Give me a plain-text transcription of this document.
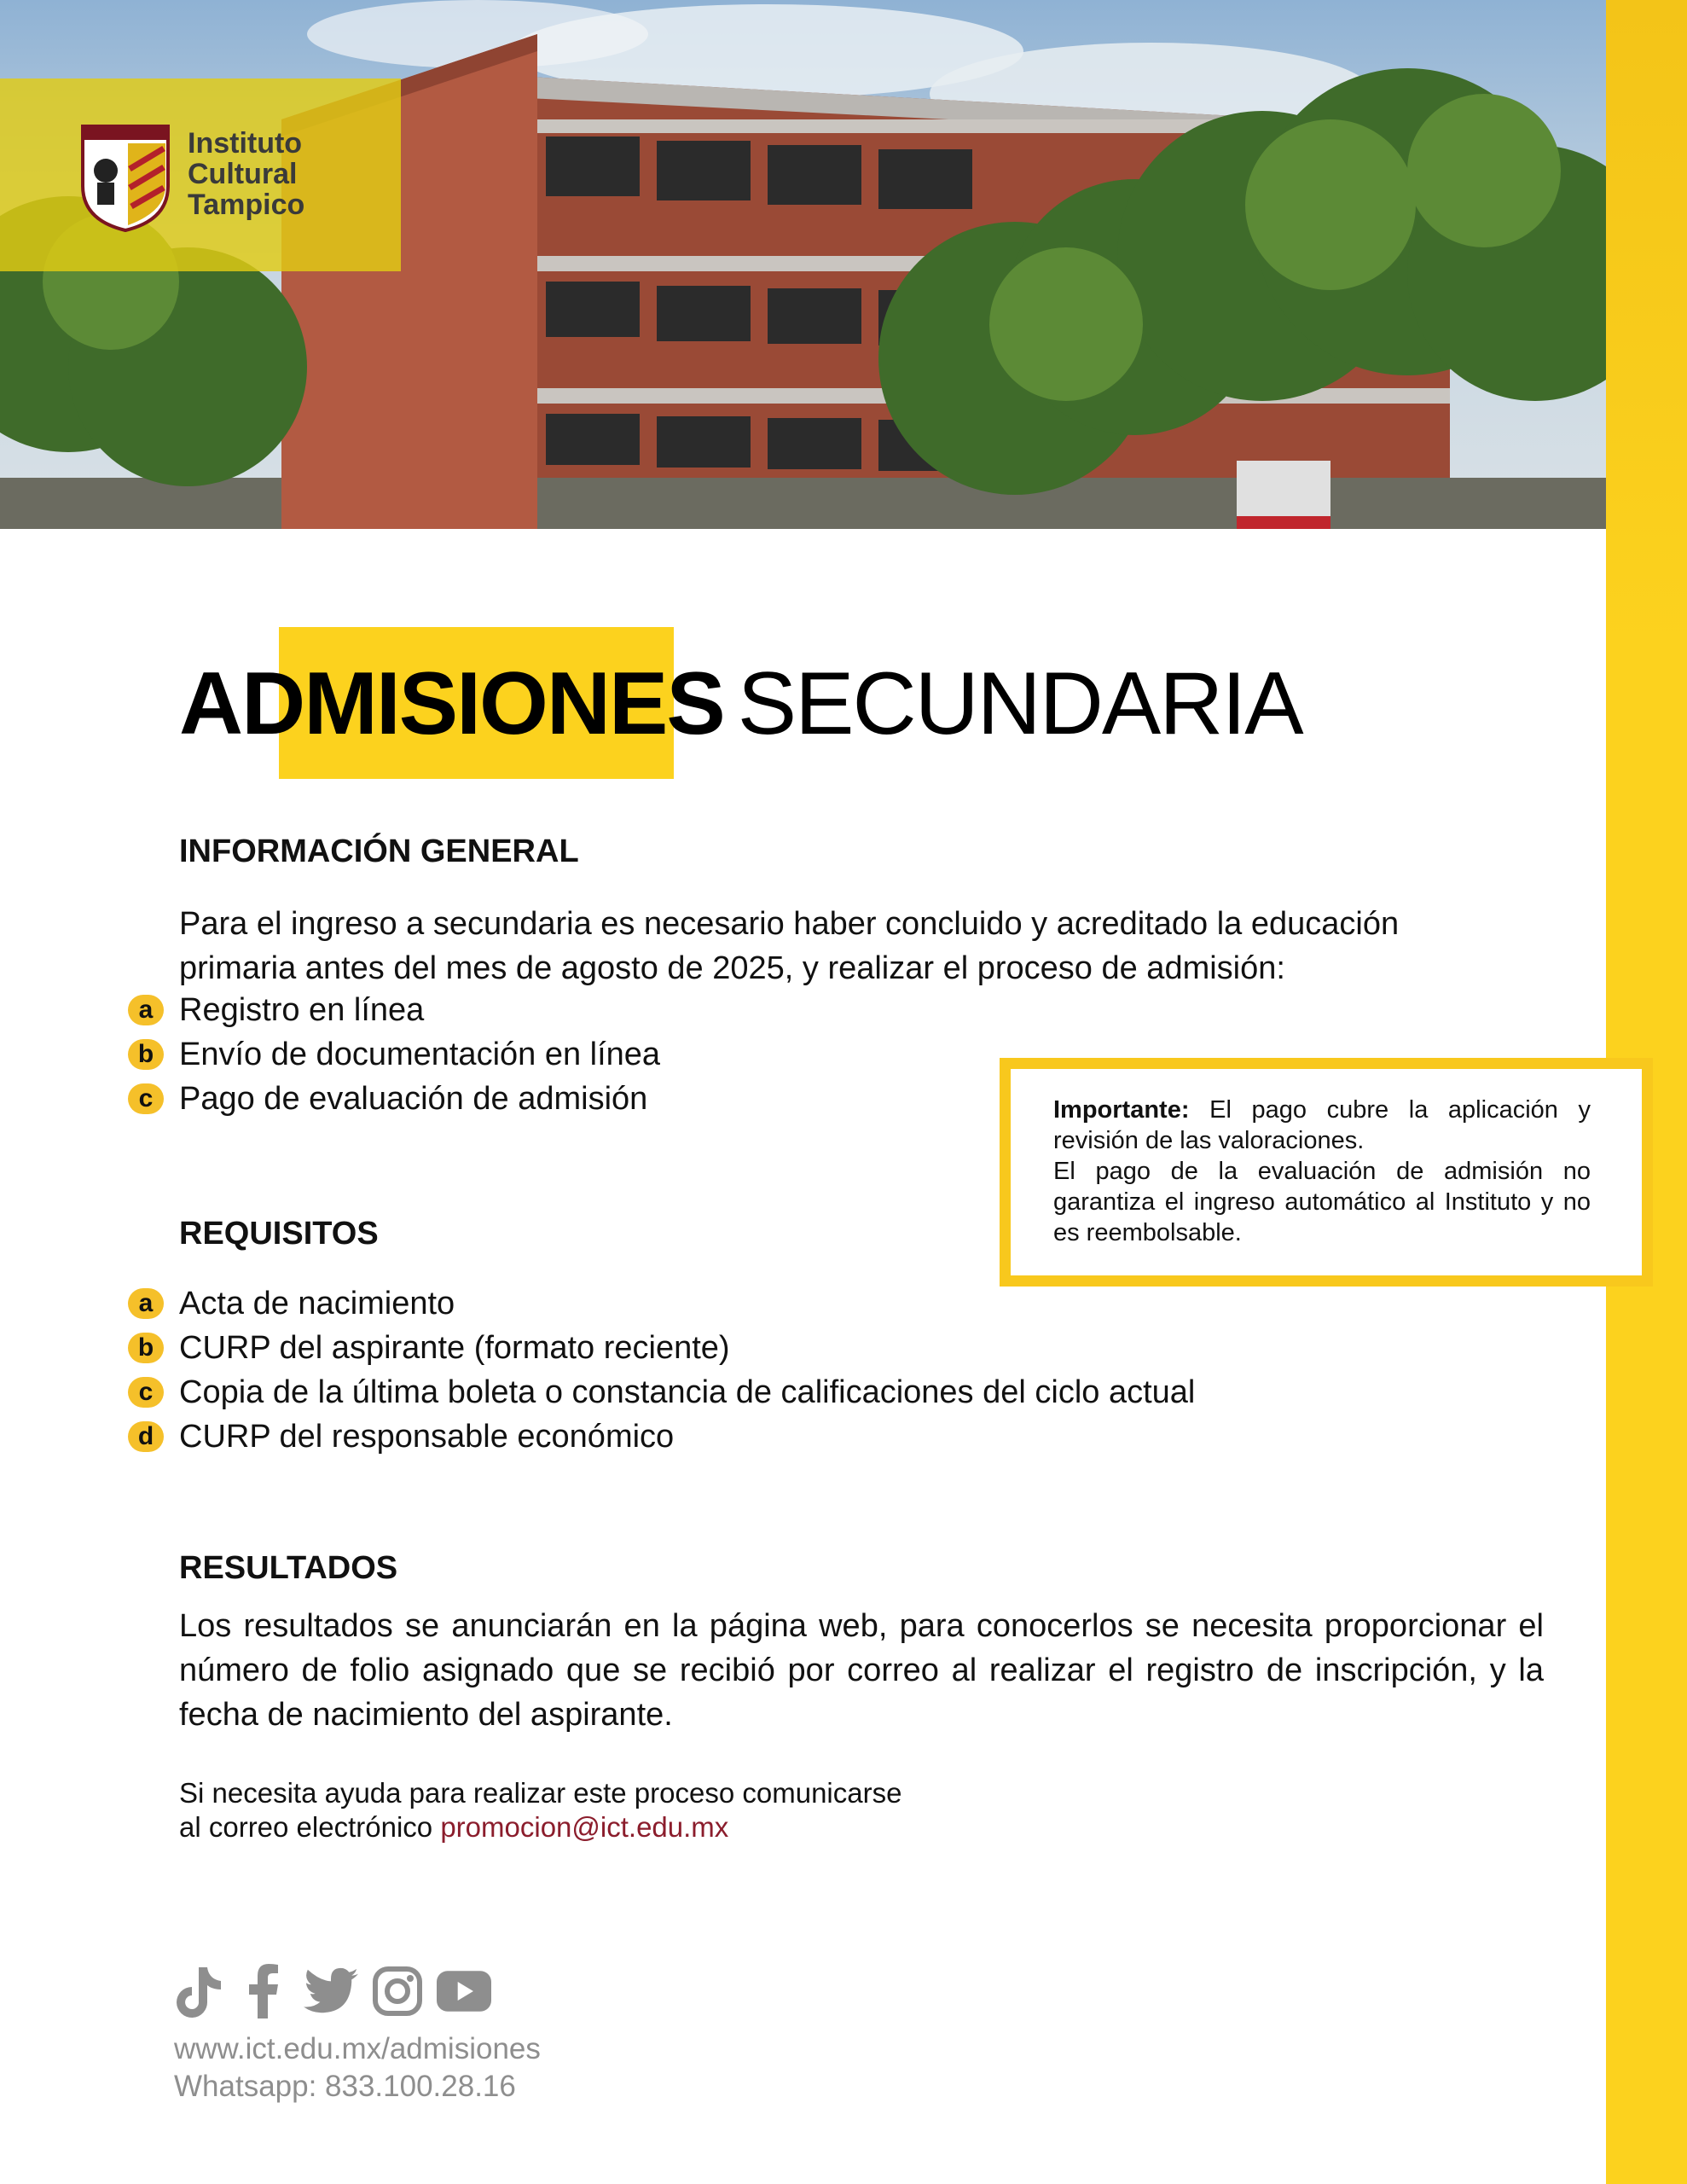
Instituto
Cultural
Tampico
ADMISIONES SECUNDARIA
INFORMACIÓN GENERAL
Para el ingreso a secundaria es necesario haber concluido y acreditado la educación
primaria antes del mes de agosto de 2025, y realizar el proceso de admisión:
a Registro en línea
b Envío de documentación en línea
c Pago de evaluación de admisión	Importante: El pago cubre la aplicación y revisión de las valoraciones.
El pago de la evaluación de admisión no garantiza el ingreso automático al Instituto y no es reembolsable.
REQUISITOS
a Acta de nacimiento
b CURP del aspirante (formato reciente)
c Copia de la última boleta o constancia de calificaciones del ciclo actual
d CURP del responsable económico
RESULTADOS
Los resultados se anunciarán en la página web, para conocerlos se necesita proporcionar el número de folio asignado que se recibió por correo al realizar el registro de inscripción, y la fecha de nacimiento del aspirante.
Si necesita ayuda para realizar este proceso comunicarse
al correo electrónico promocion@ict.edu.mx
www.ict.edu.mx/admisiones
Whatsapp: 833.100.28.16
